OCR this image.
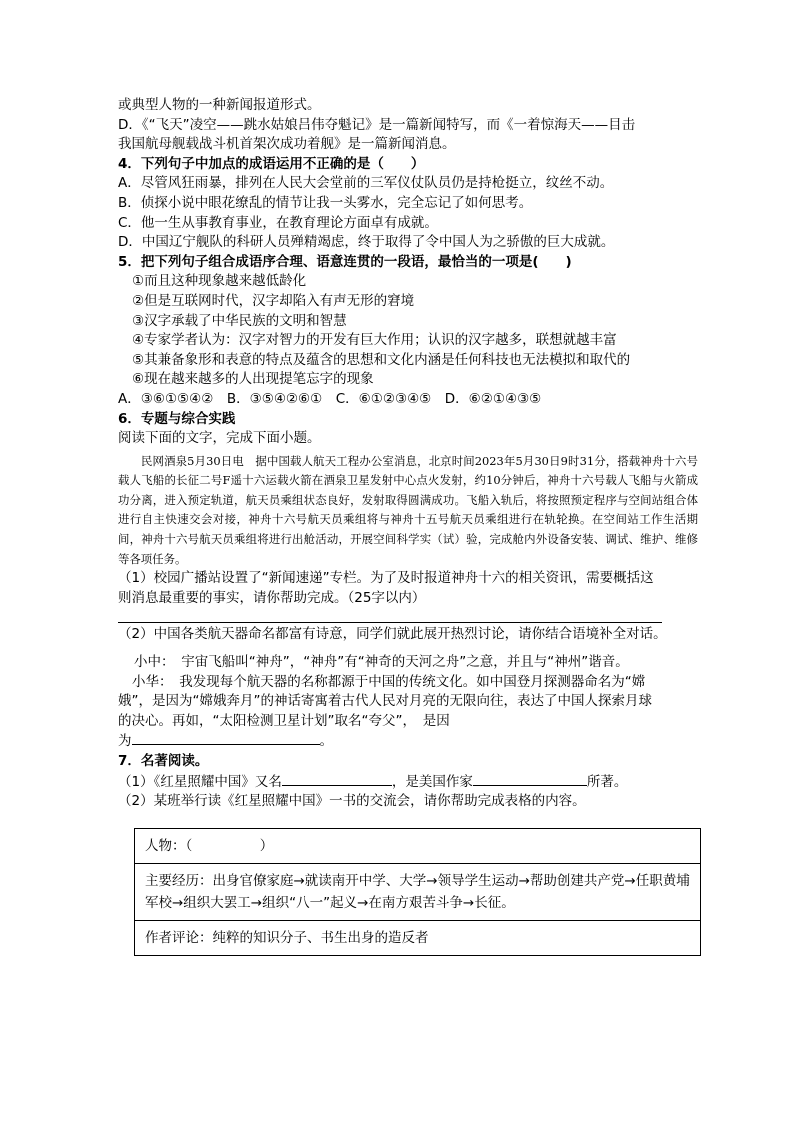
或典型人物的一种新闻报道形式。
D．《“飞天”凌空——跳水姑娘吕伟夺魁记》是一篇新闻特写，而《一着惊海天——目击
我国航母舰载战斗机首架次成功着舰》是一篇新闻消息。
4．下列句子中加点的成语运用不正确的是（　　）
A．尽管风狂雨暴，排列在人民大会堂前的三军仪仗队员仍是持枪挺立，纹丝不动。
B．侦探小说中眼花缭乱的情节让我一头雾水，完全忘记了如何思考。
C．他一生从事教育事业，在教育理论方面卓有成就。
D．中国辽宁舰队的科研人员殚精竭虑，终于取得了令中国人为之骄傲的巨大成就。
5．把下列句子组合成语序合理、语意连贯的一段语，最恰当的一项是(　　)
①而且这种现象越来越低龄化
②但是互联网时代，汉字却陷入有声无形的窘境
③汉字承载了中华民族的文明和智慧
④专家学者认为：汉字对智力的开发有巨大作用；认识的汉字越多，联想就越丰富
⑤其兼备象形和表意的特点及蕴含的思想和文化内涵是任何科技也无法模拟和取代的
⑥现在越来越多的人出现提笔忘字的现象
A．③⑥①⑤④②　B．③⑤④②⑥①　C．⑥①②③④⑤　D．⑥②①④③⑤
6．专题与综合实践
阅读下面的文字，完成下面小题。
民网酒泉5月30日电　据中国载人航天工程办公室消息，北京时间2023年5月30日9时31分，搭载神舟十六号载人飞船的长征二号F遥十六运载火箭在酒泉卫星发射中心点火发射，约10分钟后，神舟十六号载人飞船与火箭成功分离，进入预定轨道，航天员乘组状态良好，发射取得圆满成功。飞船入轨后，将按照预定程序与空间站组合体进行自主快速交会对接，神舟十六号航天员乘组将与神舟十五号航天员乘组进行在轨轮换。在空间站工作生活期间，神舟十六号航天员乘组将进行出舱活动，开展空间科学实（试）验，完成舱内外设备安装、调试、维护、维修等各项任务。
（1）校园广播站设置了“新闻速递”专栏。为了及时报道神舟十六的相关资讯，需要概括这
则消息最重要的事实，请你帮助完成。（25字以内）
（2）中国各类航天器命名都富有诗意，同学们就此展开热烈讨论，请你结合语境补全对话。
小中：　宇宙飞船叫“神舟”，“神舟”有“神奇的天河之舟”之意，并且与“神州”谐音。
小华：　我发现每个航天器的名称都源于中国的传统文化。如中国登月探测器命名为“嫦
娥”，是因为“嫦娥奔月”的神话寄寓着古代人民对月亮的无限向往，表达了中国人探索月球
的决心。再如，“太阳检测卫星计划”取名“夸父”，　是因
为	。
7．名著阅读。
（1）《红星照耀中国》又名	，是美国作家	所著。
（2）某班举行读《红星照耀中国》一书的交流会，请你帮助完成表格的内容。
人物：（　　　　　）
主要经历：出身官僚家庭→就读南开中学、大学→领导学生运动→帮助创建共产党→任职黄埔军校→组织大罢工→组织“八一”起义→在南方艰苦斗争→长征。
作者评论：纯粹的知识分子、书生出身的造反者
